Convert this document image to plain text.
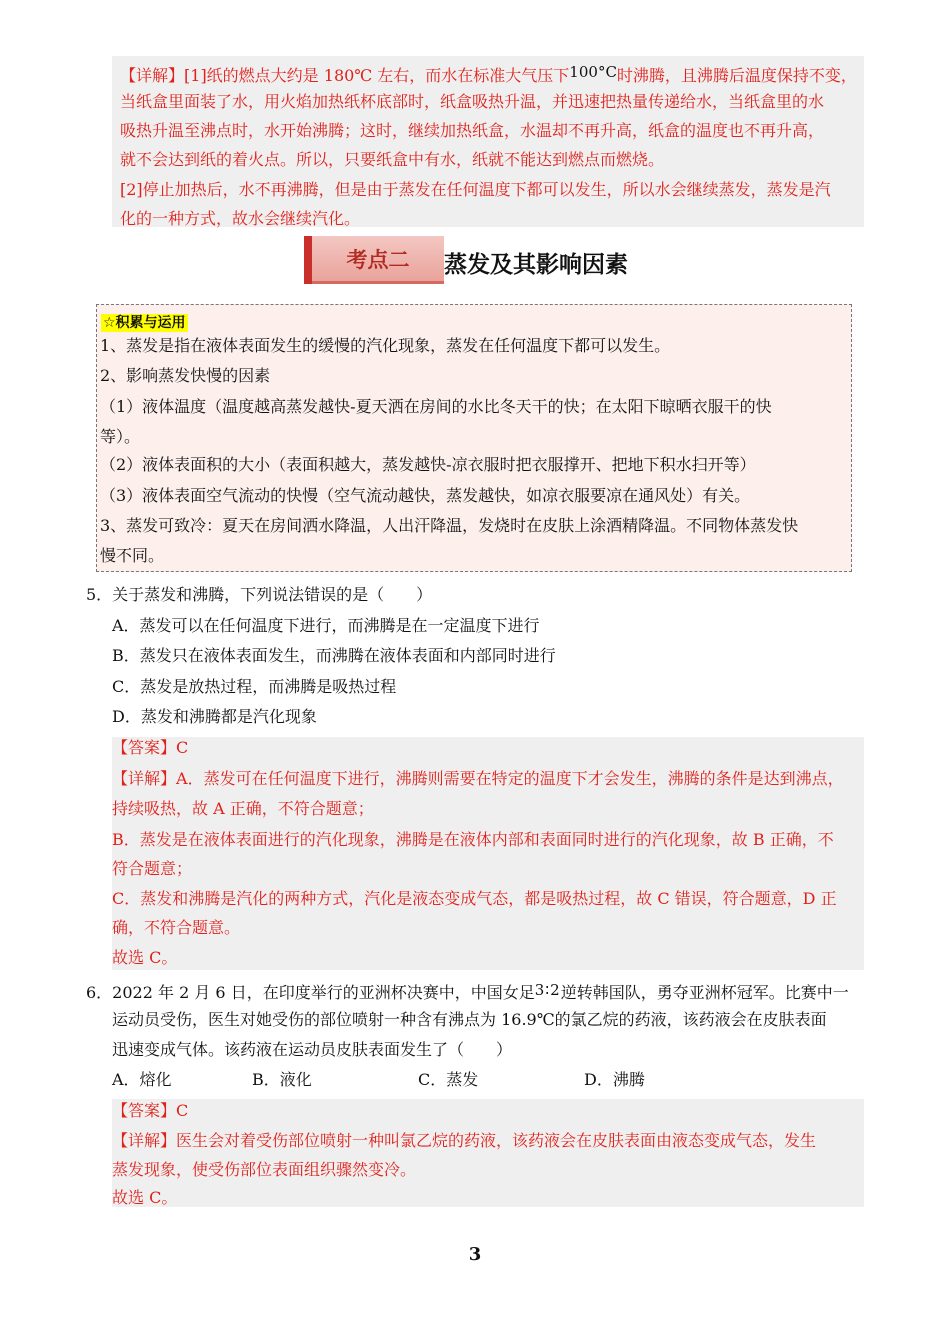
【详解】[1]纸的燃点大约是 180℃ 左右，而水在标准大气压下100°C时沸腾，且沸腾后温度保持不变，
当纸盒里面装了水，用火焰加热纸杯底部时，纸盒吸热升温，并迅速把热量传递给水，当纸盒里的水
吸热升温至沸点时，水开始沸腾；这时，继续加热纸盒，水温却不再升高，纸盒的温度也不再升高，
就不会达到纸的着火点。所以，只要纸盒中有水，纸就不能达到燃点而燃烧。
[2]停止加热后，水不再沸腾，但是由于蒸发在任何温度下都可以发生，所以水会继续蒸发，蒸发是汽
化的一种方式，故水会继续汽化。
考点二	蒸发及其影响因素
☆积累与运用
1、蒸发是指在液体表面发生的缓慢的汽化现象，蒸发在任何温度下都可以发生。
2、影响蒸发快慢的因素
（1）液体温度（温度越高蒸发越快-夏天洒在房间的水比冬天干的快；在太阳下晾晒衣服干的快
等）。
（2）液体表面积的大小（表面积越大，蒸发越快-凉衣服时把衣服撑开、把地下积水扫开等）
（3）液体表面空气流动的快慢（空气流动越快，蒸发越快，如凉衣服要凉在通风处）有关。
3、蒸发可致冷：夏天在房间洒水降温，人出汗降温，发烧时在皮肤上涂酒精降温。不同物体蒸发快
慢不同。
5．关于蒸发和沸腾，下列说法错误的是（　　）
A．蒸发可以在任何温度下进行，而沸腾是在一定温度下进行
B．蒸发只在液体表面发生，而沸腾在液体表面和内部同时进行
C．蒸发是放热过程，而沸腾是吸热过程
D．蒸发和沸腾都是汽化现象
【答案】C
【详解】A．蒸发可在任何温度下进行，沸腾则需要在特定的温度下才会发生，沸腾的条件是达到沸点，
持续吸热，故 A 正确，不符合题意；
B．蒸发是在液体表面进行的汽化现象，沸腾是在液体内部和表面同时进行的汽化现象，故 B 正确，不
符合题意；
C．蒸发和沸腾是汽化的两种方式，汽化是液态变成气态，都是吸热过程，故 C 错误，符合题意，D 正
确，不符合题意。
故选 C。
6．2022 年 2 月 6 日，在印度举行的亚洲杯决赛中，中国女足3∶2逆转韩国队，勇夺亚洲杯冠军。比赛中一
运动员受伤，医生对她受伤的部位喷射一种含有沸点为 16.9℃的氯乙烷的药液，该药液会在皮肤表面
迅速变成气体。该药液在运动员皮肤表面发生了（　　）
A．熔化	B．液化	C．蒸发	D．沸腾
【答案】C
【详解】医生会对着受伤部位喷射一种叫氯乙烷的药液，该药液会在皮肤表面由液态变成气态，发生
蒸发现象，使受伤部位表面组织骤然变冷。
故选 C。
3
